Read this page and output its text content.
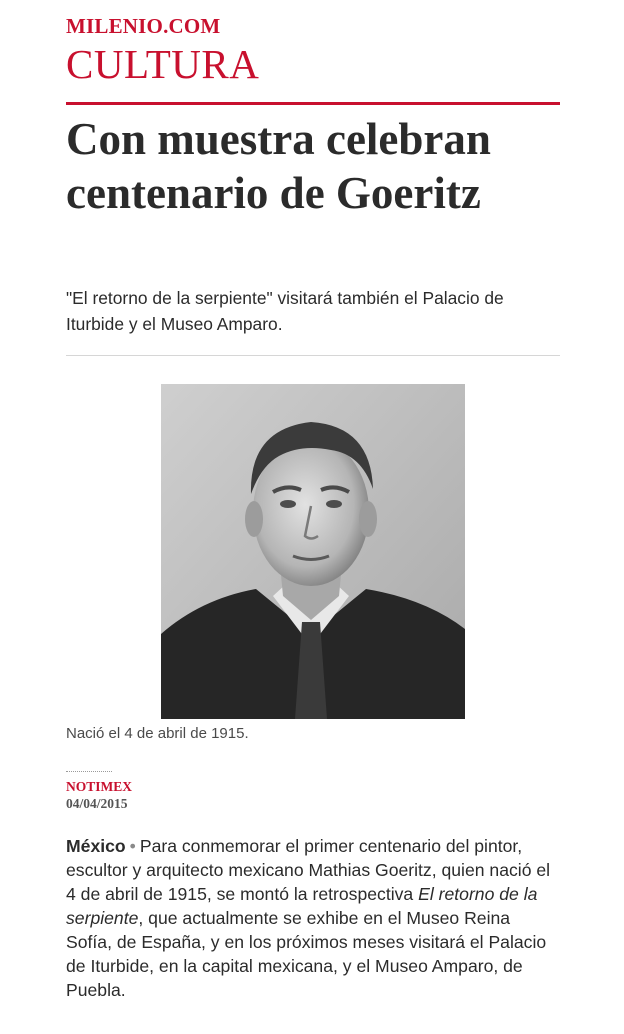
MILENIO.COM
CULTURA
Con muestra celebran centenario de Goeritz

"El retorno de la serpiente" visitará también el Palacio de Iturbide y el Museo Amparo.

Nació el 4 de abril de 1915.
NOTIMEX
04/04/2015

México • Para conmemorar el primer centenario del pintor, escultor y arquitecto mexicano Mathias Goeritz, quien nació el 4 de abril de 1915, se montó la retrospectiva El retorno de la serpiente, que actualmente se exhibe en el Museo Reina Sofía, de España, y en los próximos meses visitará el Palacio de Iturbide, en la capital mexicana, y el Museo Amparo, de Puebla.
